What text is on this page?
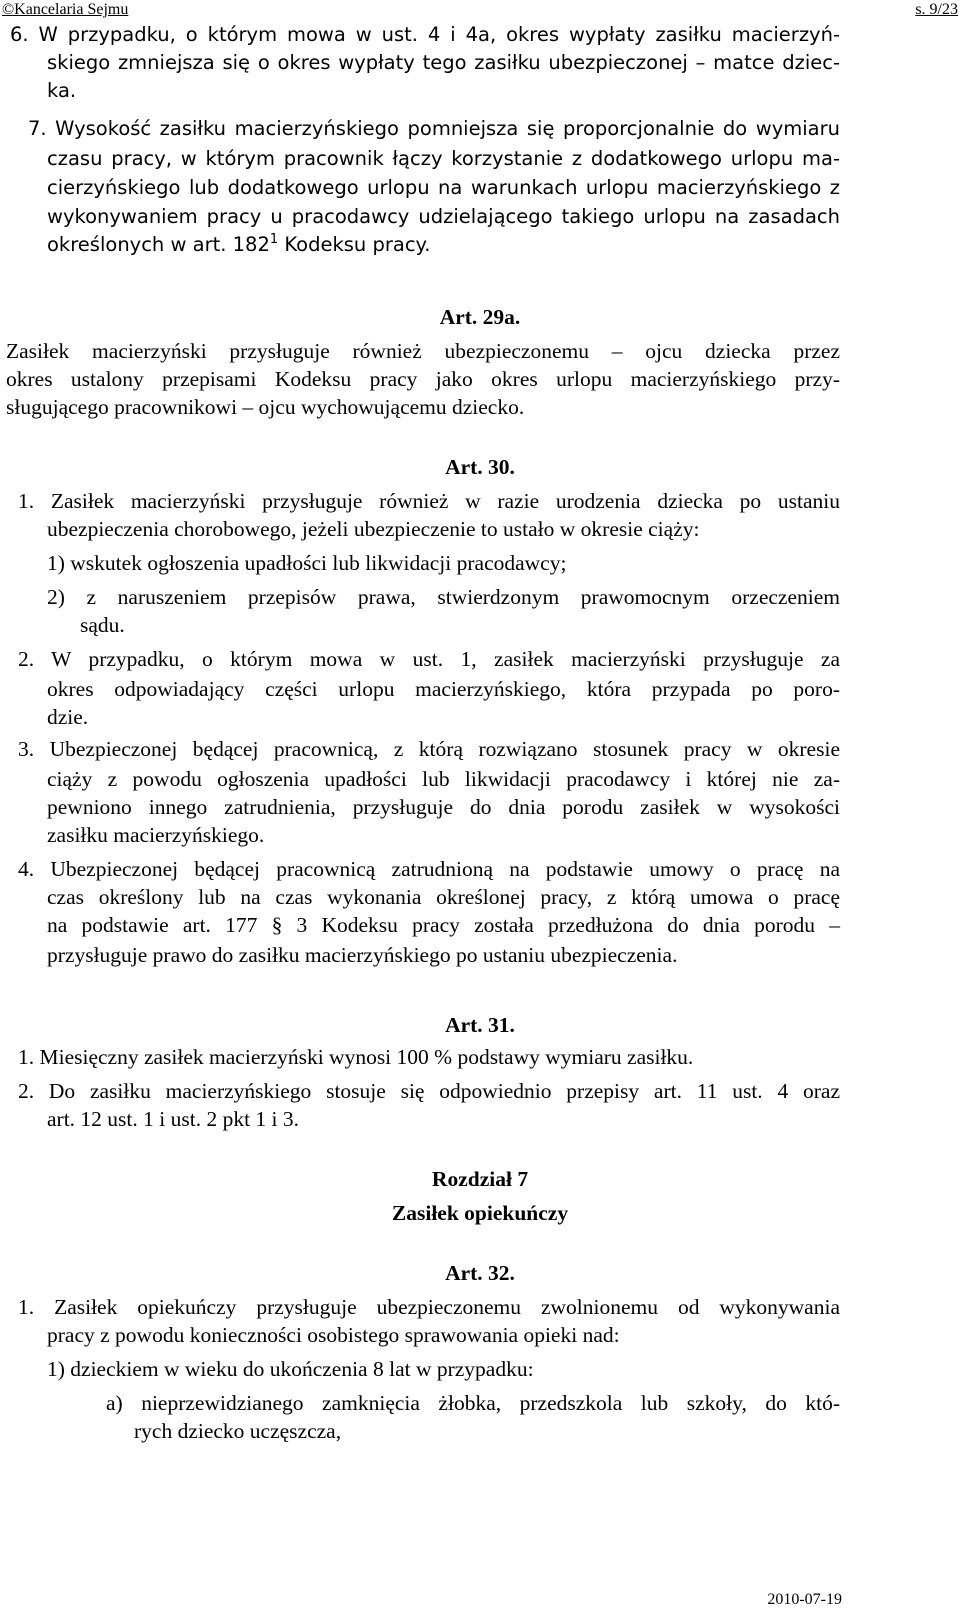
©Kancelaria Sejmu	s. 9/23
6. W przypadku, o którym mowa w ust. 4 i 4a, okres wypłaty zasiłku macierzyń-
skiego zmniejsza się o okres wypłaty tego zasiłku ubezpieczonej – matce dziec-
ka.
7. Wysokość zasiłku macierzyńskiego pomniejsza się proporcjonalnie do wymiaru
czasu pracy, w którym pracownik łączy korzystanie z dodatkowego urlopu ma-
cierzyńskiego lub dodatkowego urlopu na warunkach urlopu macierzyńskiego z
wykonywaniem pracy u pracodawcy udzielającego takiego urlopu na zasadach
określonych w art. $182^1$ Kodeksu pracy.
Art. 29a.
Zasiłek macierzyński przysługuje również ubezpieczonemu – ojcu dziecka przez
okres ustalony przepisami Kodeksu pracy jako okres urlopu macierzyńskiego przy-
sługującego pracownikowi – ojcu wychowującemu dziecko.
Art. 30.
1. Zasiłek macierzyński przysługuje również w razie urodzenia dziecka po ustaniu
ubezpieczenia chorobowego, jeżeli ubezpieczenie to ustało w okresie ciąży:
1) wskutek ogłoszenia upadłości lub likwidacji pracodawcy;
2) z naruszeniem przepisów prawa, stwierdzonym prawomocnym orzeczeniem
sądu.
2. W przypadku, o którym mowa w ust. 1, zasiłek macierzyński przysługuje za
okres odpowiadający części urlopu macierzyńskiego, która przypada po poro-
dzie.
3. Ubezpieczonej będącej pracownicą, z którą rozwiązano stosunek pracy w okresie
ciąży z powodu ogłoszenia upadłości lub likwidacji pracodawcy i której nie za-
pewniono innego zatrudnienia, przysługuje do dnia porodu zasiłek w wysokości
zasiłku macierzyńskiego.
4. Ubezpieczonej będącej pracownicą zatrudnioną na podstawie umowy o pracę na
czas określony lub na czas wykonania określonej pracy, z którą umowa o pracę
na podstawie art. 177 § 3 Kodeksu pracy została przedłużona do dnia porodu –
przysługuje prawo do zasiłku macierzyńskiego po ustaniu ubezpieczenia.
Art. 31.
1. Miesięczny zasiłek macierzyński wynosi 100 % podstawy wymiaru zasiłku.
2. Do zasiłku macierzyńskiego stosuje się odpowiednio przepisy art. 11 ust. 4 oraz
art. 12 ust. 1 i ust. 2 pkt 1 i 3.
Rozdział 7
Zasiłek opiekuńczy
Art. 32.
1. Zasiłek opiekuńczy przysługuje ubezpieczonemu zwolnionemu od wykonywania
pracy z powodu konieczności osobistego sprawowania opieki nad:
1) dzieckiem w wieku do ukończenia 8 lat w przypadku:
a) nieprzewidzianego zamknięcia żłobka, przedszkola lub szkoły, do któ-
rych dziecko uczęszcza,
2010-07-19
